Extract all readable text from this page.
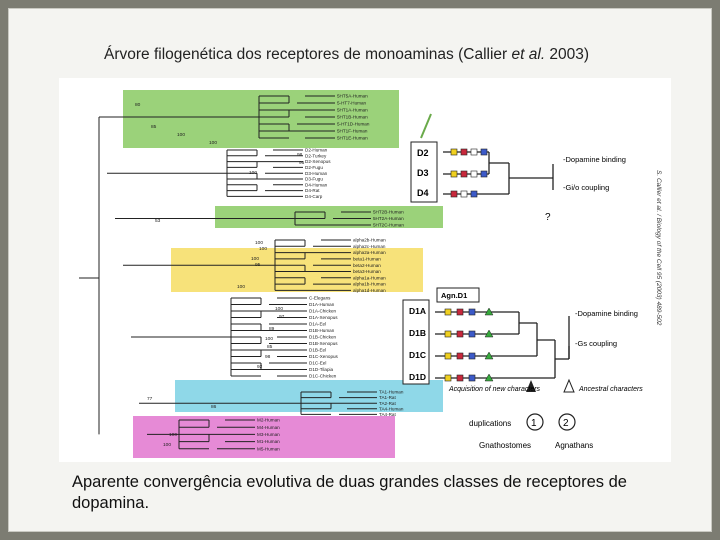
Árvore filogenética dos receptores de monoaminas (Callier et al. 2003)
5HT5A-Human
5-HT7-Human
5HT1A-Human
5HT1B-Human
5-HT1D-Human
5HT1F-Human
5HT1E-Human
D2-Human
D2-Turkey
D2-Xenopus
D2-Fugu
D3-Human
D3-Fugu
D4-Human
D4-Rat
D4-Carp
5HT2B-Human
5HT2A-Human
5HT2C-Human
alpha2b-Human
alpha2c-Human
alpha2a-Human
beta1-Human
beta2-Human
beta3-Human
alpha1a-Human
alpha1b-Human
alpha1d-Human
C-Elegans
D1A-Human
D1A-Chicken
D1A-Xenopus
D1A-Eel
D1B-Human
D1B-Chicken
D1B-Xenopus
D1B-Eel
D1C-Xenopus
D1C-Eel
D1D-Tilapia
D1C-Chicken
TA1-Human
TA1-Rat
TA2-Rat
TA4-Human
TA4-Rat
M2-Human
M4-Human
M3-Human
M1-Human
M5-Human
80
85
100
100
98
96
100
53
100
100
100
95
100
100
97
89
100
85
98
92
77
86
100
100
D2
D3
D4
-Dopamine binding
-Gi/o coupling
?
D1A
D1B
D1C
D1D
Agn.D1
-Dopamine binding
-Gs coupling
Acquisition of new characters	Ancestral characters
duplications 1	2
Gnathostomes	Agnathans
S. Callier et al. / Biology of the Cell 95 (2003) 489-502
Aparente convergência evolutiva de duas grandes classes de receptores de dopamina.
